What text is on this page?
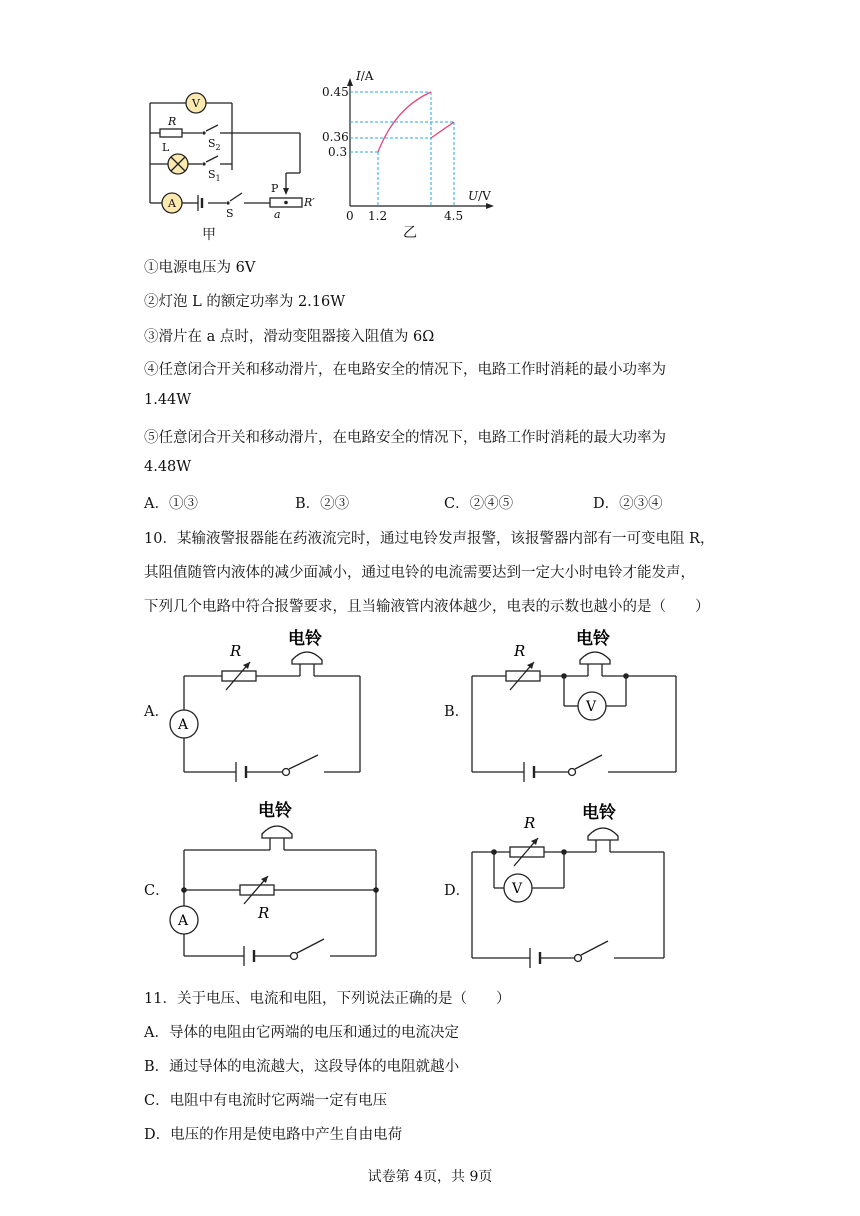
V
A
R
L	$S_2$
$S_1$
S
P
a
R′
甲
I/A
U/V
0 1.2	4.5
0.45
0.36
0.3
乙
①电源电压为 6V
②灯泡 L 的额定功率为 2.16W
③滑片在 a 点时，滑动变阻器接入阻值为 6Ω
④任意闭合开关和移动滑片，在电路安全的情况下，电路工作时消耗的最小功率为
1.44W
⑤任意闭合开关和移动滑片，在电路安全的情况下，电路工作时消耗的最大功率为
4.48W
A．①③	B．②③	C．②④⑤	D．②③④
10．某输液警报器能在药液流完时，通过电铃发声报警，该报警器内部有一可变电阻 R，
其阻值随管内液体的减少面减小，通过电铃的电流需要达到一定大小时电铃才能发声，
下列几个电路中符合报警要求，且当输液管内液体越少，电表的示数也越小的是（　　）
A．
电铃
R
A
B．
电铃
R
V
C．
电铃
R
A
D．
电铃
R
V
11．关于电压、电流和电阻，下列说法正确的是（　　）
A．导体的电阻由它两端的电压和通过的电流决定
B．通过导体的电流越大，这段导体的电阻就越小
C．电阻中有电流时它两端一定有电压
D．电压的作用是使电路中产生自由电荷
试卷第 4页，共 9页
